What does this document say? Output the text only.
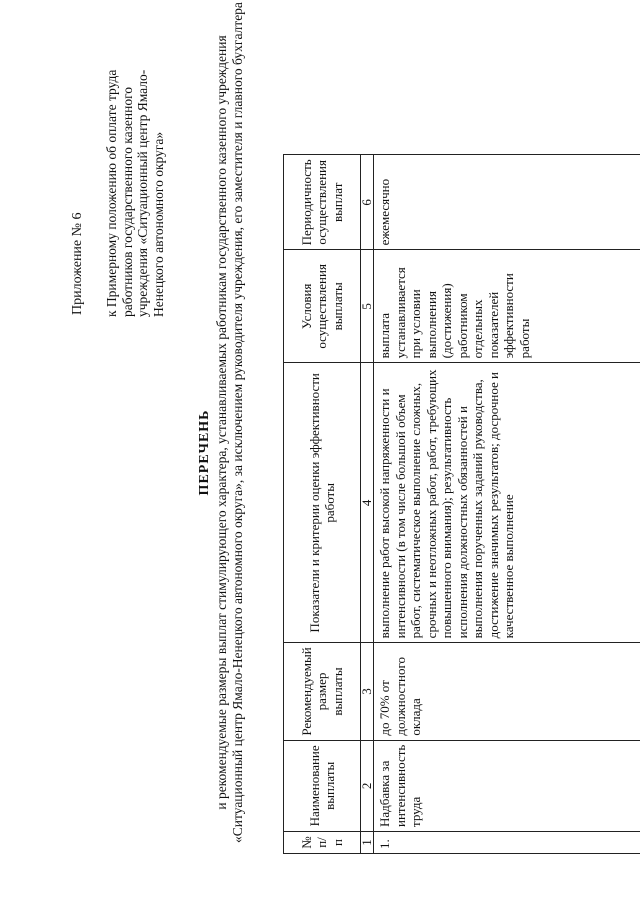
Приложение № 6 к Примерному положению об оплате труда работников государственного казенного учреждения «Ситуационный центр Ямало-Ненецкого автономного округа»

ПЕРЕЧЕНЬ и рекомендуемые размеры выплат стимулирующего характера, устанавливаемых работникам государственного казенного учреждения «Ситуационный центр Ямало-Ненецкого автономного округа», за исключением руководителя учреждения, его заместителя и главного бухгалтера	№ п/п	Наименование выплаты	Рекомендуемый размер выплаты	Показатели и критерии оценки эффективности работы	Условия осуществления выплаты	Периодичность осуществления выплат
1	2	3	4	5	6
1.	Надбавка за интенсивность труда	до 70% от должностного оклада	выполнение работ высокой напряженности и интенсивности (в том числе большой объем работ, систематическое выполнение сложных, срочных и неотложных работ, работ, требующих повышенного внимания); результативность исполнения должностных обязанностей и выполнения порученных заданий руководства, достижение значимых результатов; досрочное и качественное выполнение	выплата устанавливается при условии выполнения (достижения) работником отдельных показателей эффективности работы	ежемесячно
